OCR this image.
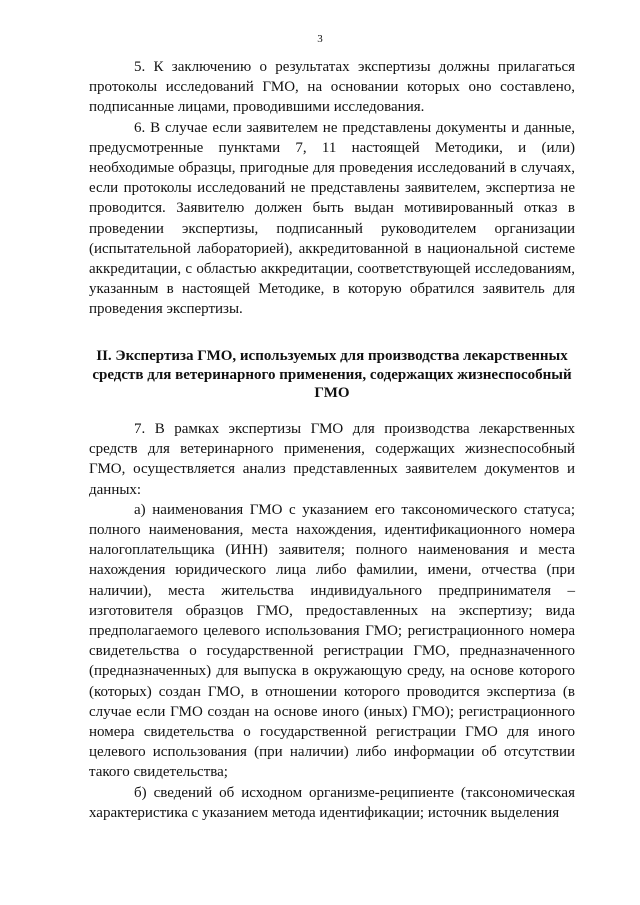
3

5. К заключению о результатах экспертизы должны прилагаться протоколы исследований ГМО, на основании которых оно составлено, подписанные лицами, проводившими исследования.

6. В случае если заявителем не представлены документы и данные, предусмотренные пунктами 7, 11 настоящей Методики, и (или) необходимые образцы, пригодные для проведения исследований в случаях, если протоколы исследований не представлены заявителем, экспертиза не проводится. Заявителю должен быть выдан мотивированный отказ в проведении экспертизы, подписанный руководителем организации (испытательной лабораторией), аккредитованной в национальной системе аккредитации, с областью аккредитации, соответствующей исследованиям, указанным в настоящей Методике, в которую обратился заявитель для проведения экспертизы.

II. Экспертиза ГМО, используемых для производства лекарственных средств для ветеринарного применения, содержащих жизнеспособный ГМО

7. В рамках экспертизы ГМО для производства лекарственных средств для ветеринарного применения, содержащих жизнеспособный ГМО, осуществляется анализ представленных заявителем документов и данных:

а) наименования ГМО с указанием его таксономического статуса; полного наименования, места нахождения, идентификационного номера налогоплательщика (ИНН) заявителя; полного наименования и места нахождения юридического лица либо фамилии, имени, отчества (при наличии), места жительства индивидуального предпринимателя – изготовителя образцов ГМО, предоставленных на экспертизу; вида предполагаемого целевого использования ГМО; регистрационного номера свидетельства о государственной регистрации ГМО, предназначенного (предназначенных) для выпуска в окружающую среду, на основе которого (которых) создан ГМО, в отношении которого проводится экспертиза (в случае если ГМО создан на основе иного (иных) ГМО); регистрационного номера свидетельства о государственной регистрации ГМО для иного целевого использования (при наличии) либо информации об отсутствии такого свидетельства;

б) сведений об исходном организме-реципиенте (таксономическая характеристика с указанием метода идентификации; источник выделения
